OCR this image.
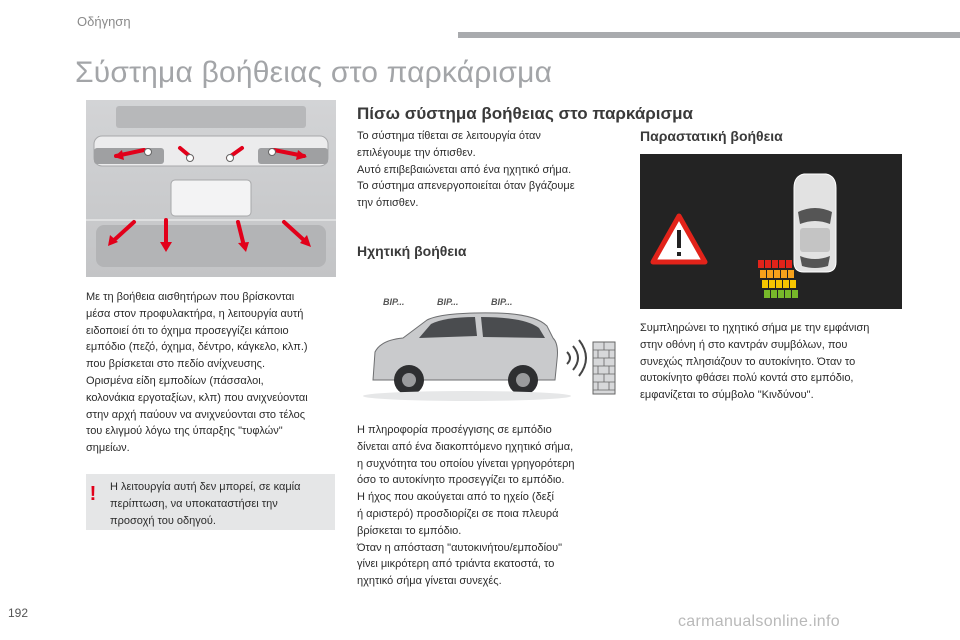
Οδήγηση
Σύστημα βοήθειας στο παρκάρισμα
Με τη βοήθεια αισθητήρων που βρίσκονται
μέσα στον προφυλακτήρα, η λειτουργία αυτή
ειδοποιεί ότι το όχημα προσεγγίζει κάποιο
εμπόδιο (πεζό, όχημα, δέντρο, κάγκελο, κλπ.)
που βρίσκεται στο πεδίο ανίχνευσης.
Ορισμένα είδη εμποδίων (πάσσαλοι,
κολονάκια εργοταξίων, κλπ) που ανιχνεύονται
στην αρχή παύουν να ανιχνεύονται στο τέλος
του ελιγμού λόγω της ύπαρξης "τυφλών"
σημείων.
!	Η λειτουργία αυτή δεν μπορεί, σε καμία
περίπτωση, να υποκαταστήσει την
προσοχή του οδηγού.
Πίσω σύστημα βοήθειας στο παρκάρισμα
Το σύστημα τίθεται σε λειτουργία όταν
επιλέγουμε την όπισθεν.
Αυτό επιβεβαιώνεται από ένα ηχητικό σήμα.
Το σύστημα απενεργοποιείται όταν βγάζουμε
την όπισθεν.
Ηχητική βοήθεια
BIP...	BIP...	BIP...
Η πληροφορία προσέγγισης σε εμπόδιο
δίνεται από ένα διακοπτόμενο ηχητικό σήμα,
η συχνότητα του οποίου γίνεται γρηγορότερη
όσο το αυτοκίνητο προσεγγίζει το εμπόδιο.
Η ήχος που ακούγεται από το ηχείο (δεξί
ή αριστερό) προσδιορίζει σε ποια πλευρά
βρίσκεται το εμπόδιο.
Όταν η απόσταση "αυτοκινήτου/εμποδίου"
γίνει μικρότερη από τριάντα εκατοστά, το
ηχητικό σήμα γίνεται συνεχές.
Παραστατική βοήθεια
Συμπληρώνει το ηχητικό σήμα με την εμφάνιση
στην οθόνη ή στο καντράν συμβόλων, που
συνεχώς πλησιάζουν το αυτοκίνητο. Όταν το
αυτοκίνητο φθάσει πολύ κοντά στο εμπόδιο,
εμφανίζεται το σύμβολο "Κινδύνου".
192	carmanualsonline.info
